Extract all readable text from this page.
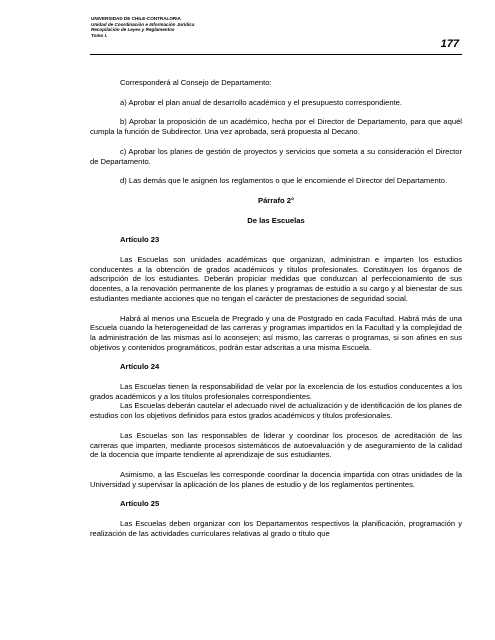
UNIVERSIDAD DE CHILE-CONTRALORIA
Unidad de Coordinación e Información Jurídica
Recopilación de Leyes y Reglamentos
Tomo I.
177

Corresponderá al Consejo de Departamento:

a) Aprobar el plan anual de desarrollo académico y el presupuesto correspondiente.

b) Aprobar la proposición de un académico, hecha por el Director de Departamento, para que aquél cumpla la función de Subdirector. Una vez aprobada, será propuesta al Decano.

c) Aprobar los planes de gestión de proyectos y servicios que someta a su consideración el Director de Departamento.

d) Las demás que le asignen los reglamentos o que le encomiende el Director del Departamento.

Párrafo 2°

De las Escuelas

Artículo 23

Las Escuelas son unidades académicas que organizan, administran e imparten los estudios conducentes a la obtención de grados académicos y títulos profesionales. Constituyen los órganos de adscripción de los estudiantes. Deberán propiciar medidas que conduzcan al perfeccionamiento de sus docentes, a la renovación permanente de los planes y programas de estudio a su cargo y al bienestar de sus estudiantes mediante acciones que no tengan el carácter de prestaciones de seguridad social.

Habrá al menos una Escuela de Pregrado y una de Postgrado en cada Facultad. Habrá más de una Escuela cuando la heterogeneidad de las carreras y programas impartidos en la Facultad y la complejidad de la administración de las mismas así lo aconsejen; así mismo, las carreras o programas, si son afines en sus objetivos y contenidos programáticos, podrán estar adscritas a una misma Escuela.

Artículo 24

Las Escuelas tienen la responsabilidad de velar por la excelencia de los estudios conducentes a los grados académicos y a los títulos profesionales correspondientes.

Las Escuelas deberán cautelar el adecuado nivel de actualización y de identificación de los planes de estudios con los objetivos definidos para estos grados académicos y títulos profesionales.

Las Escuelas son las responsables de liderar y coordinar los procesos de acreditación de las carreras que imparten, mediante procesos sistemáticos de autoevaluación y de aseguramiento de la calidad de la docencia que imparte tendiente al aprendizaje de sus estudiantes.

Asimismo, a las Escuelas les corresponde coordinar la docencia impartida con otras unidades de la Universidad y supervisar la aplicación de los planes de estudio y de los reglamentos pertinentes.

Artículo 25

Las Escuelas deben organizar con los Departamentos respectivos la planificación, programación y realización de las actividades curriculares relativas al grado o título que
